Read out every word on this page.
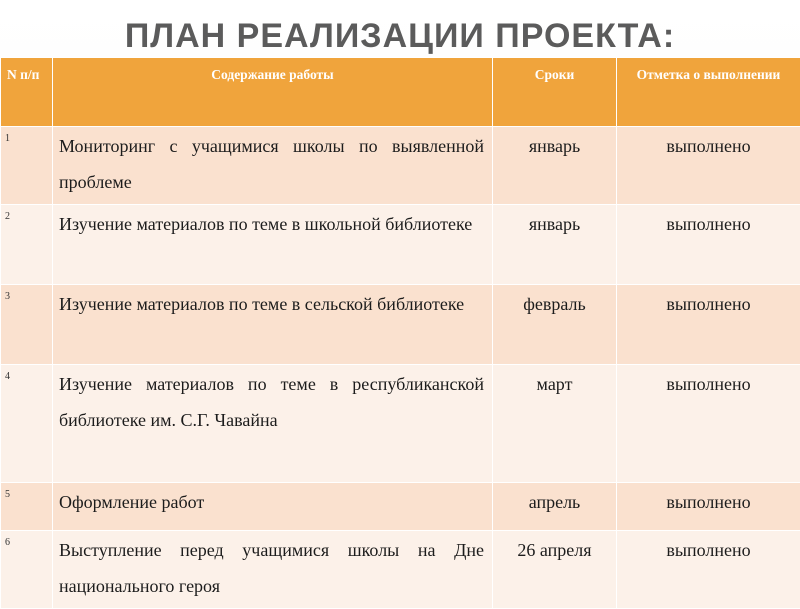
ПЛАН РЕАЛИЗАЦИИ ПРОЕКТА:
N п/п	Содержание работы	Сроки	Отметка о выполнении

1	Мониторинг с учащимися школы по выявленной проблеме	январь	выполнено
2	Изучение материалов по теме в школьной библиотеке	январь	выполнено
3	Изучение материалов по теме в сельской библиотеке	февраль	выполнено
4	Изучение материалов по теме в республиканской библиотеке им. С.Г. Чавайна	март	выполнено
5	Оформление работ	апрель	выполнено
6	Выступление перед учащимися школы на Дне национального героя	26 апреля	выполнено
